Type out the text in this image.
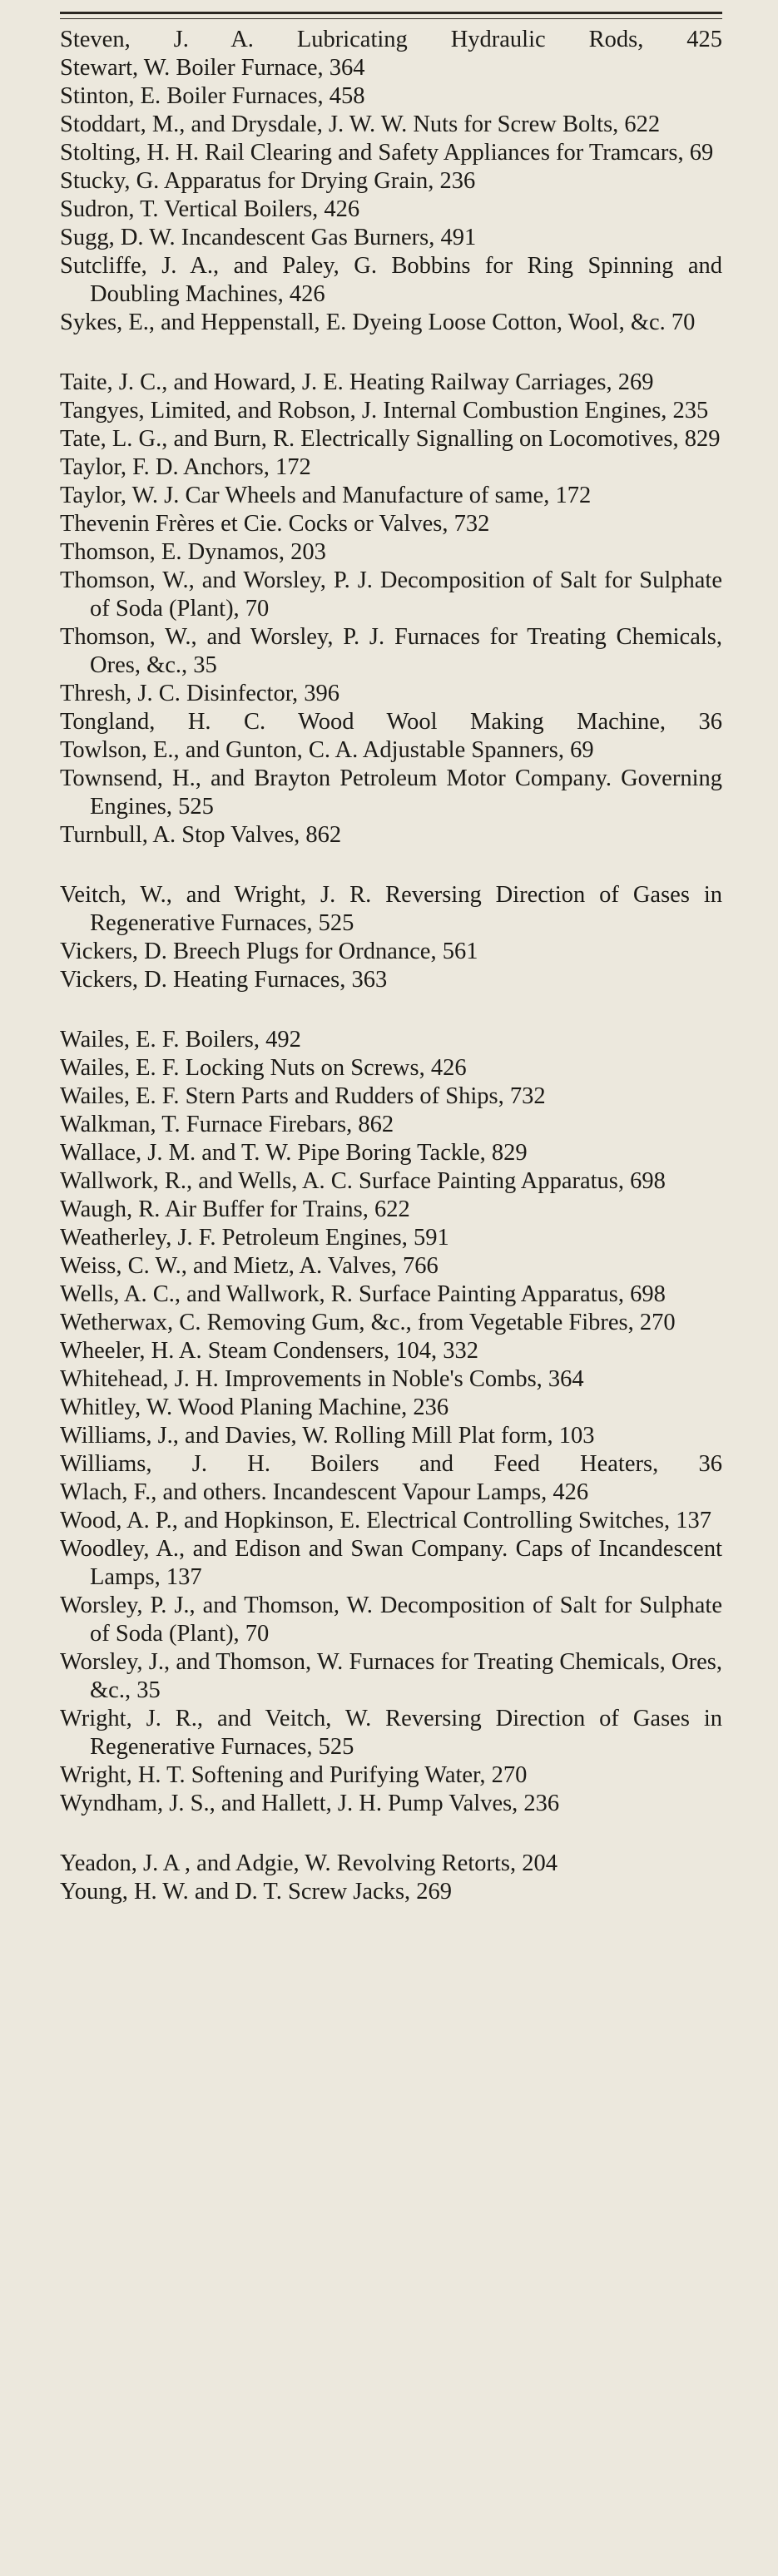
Steven, J. A. Lubricating Hydraulic Rods, 425

Stewart, W. Boiler Furnace, 364

Stinton, E. Boiler Furnaces, 458

Stoddart, M., and Drysdale, J. W. W. Nuts for Screw Bolts, 622

Stolting, H. H. Rail Clearing and Safety Appliances for Tramcars, 69

Stucky, G. Apparatus for Drying Grain, 236

Sudron, T. Vertical Boilers, 426

Sugg, D. W. Incandescent Gas Burners, 491

Sutcliffe, J. A., and Paley, G. Bobbins for Ring Spinning and Doubling Machines, 426

Sykes, E., and Heppenstall, E. Dyeing Loose Cotton, Wool, &c. 70

Taite, J. C., and Howard, J. E. Heating Railway Carriages, 269

Tangyes, Limited, and Robson, J. Internal Combustion Engines, 235

Tate, L. G., and Burn, R. Electrically Signalling on Locomotives, 829

Taylor, F. D. Anchors, 172

Taylor, W. J. Car Wheels and Manufacture of same, 172

Thevenin Frères et Cie. Cocks or Valves, 732

Thomson, E. Dynamos, 203

Thomson, W., and Worsley, P. J. Decomposition of Salt for Sulphate of Soda (Plant), 70

Thomson, W., and Worsley, P. J. Furnaces for Treating Chemicals, Ores, &c., 35

Thresh, J. C. Disinfector, 396

Tongland, H. C. Wood Wool Making Machine, 36

Towlson, E., and Gunton, C. A. Adjustable Spanners, 69

Townsend, H., and Brayton Petroleum Motor Company. Governing Engines, 525

Turnbull, A. Stop Valves, 862

Veitch, W., and Wright, J. R. Reversing Direction of Gases in Regenerative Furnaces, 525

Vickers, D. Breech Plugs for Ordnance, 561

Vickers, D. Heating Furnaces, 363

Wailes, E. F. Boilers, 492

Wailes, E. F. Locking Nuts on Screws, 426

Wailes, E. F. Stern Parts and Rudders of Ships, 732

Walkman, T. Furnace Firebars, 862

Wallace, J. M. and T. W. Pipe Boring Tackle, 829

Wallwork, R., and Wells, A. C. Surface Painting Apparatus, 698

Waugh, R. Air Buffer for Trains, 622

Weatherley, J. F. Petroleum Engines, 591

Weiss, C. W., and Mietz, A. Valves, 766

Wells, A. C., and Wallwork, R. Surface Painting Apparatus, 698

Wetherwax, C. Removing Gum, &c., from Vegetable Fibres, 270

Wheeler, H. A. Steam Condensers, 104, 332

Whitehead, J. H. Improvements in Noble's Combs, 364

Whitley, W. Wood Planing Machine, 236

Williams, J., and Davies, W. Rolling Mill Plat form, 103

Williams, J. H. Boilers and Feed Heaters, 36

Wlach, F., and others. Incandescent Vapour Lamps, 426

Wood, A. P., and Hopkinson, E. Electrical Controlling Switches, 137

Woodley, A., and Edison and Swan Company. Caps of Incandescent Lamps, 137

Worsley, P. J., and Thomson, W. Decomposition of Salt for Sulphate of Soda (Plant), 70

Worsley, J., and Thomson, W. Furnaces for Treating Chemicals, Ores, &c., 35

Wright, J. R., and Veitch, W. Reversing Direction of Gases in Regenerative Furnaces, 525

Wright, H. T. Softening and Purifying Water, 270

Wyndham, J. S., and Hallett, J. H. Pump Valves, 236

Yeadon, J. A , and Adgie, W. Revolving Retorts, 204

Young, H. W. and D. T. Screw Jacks, 269
